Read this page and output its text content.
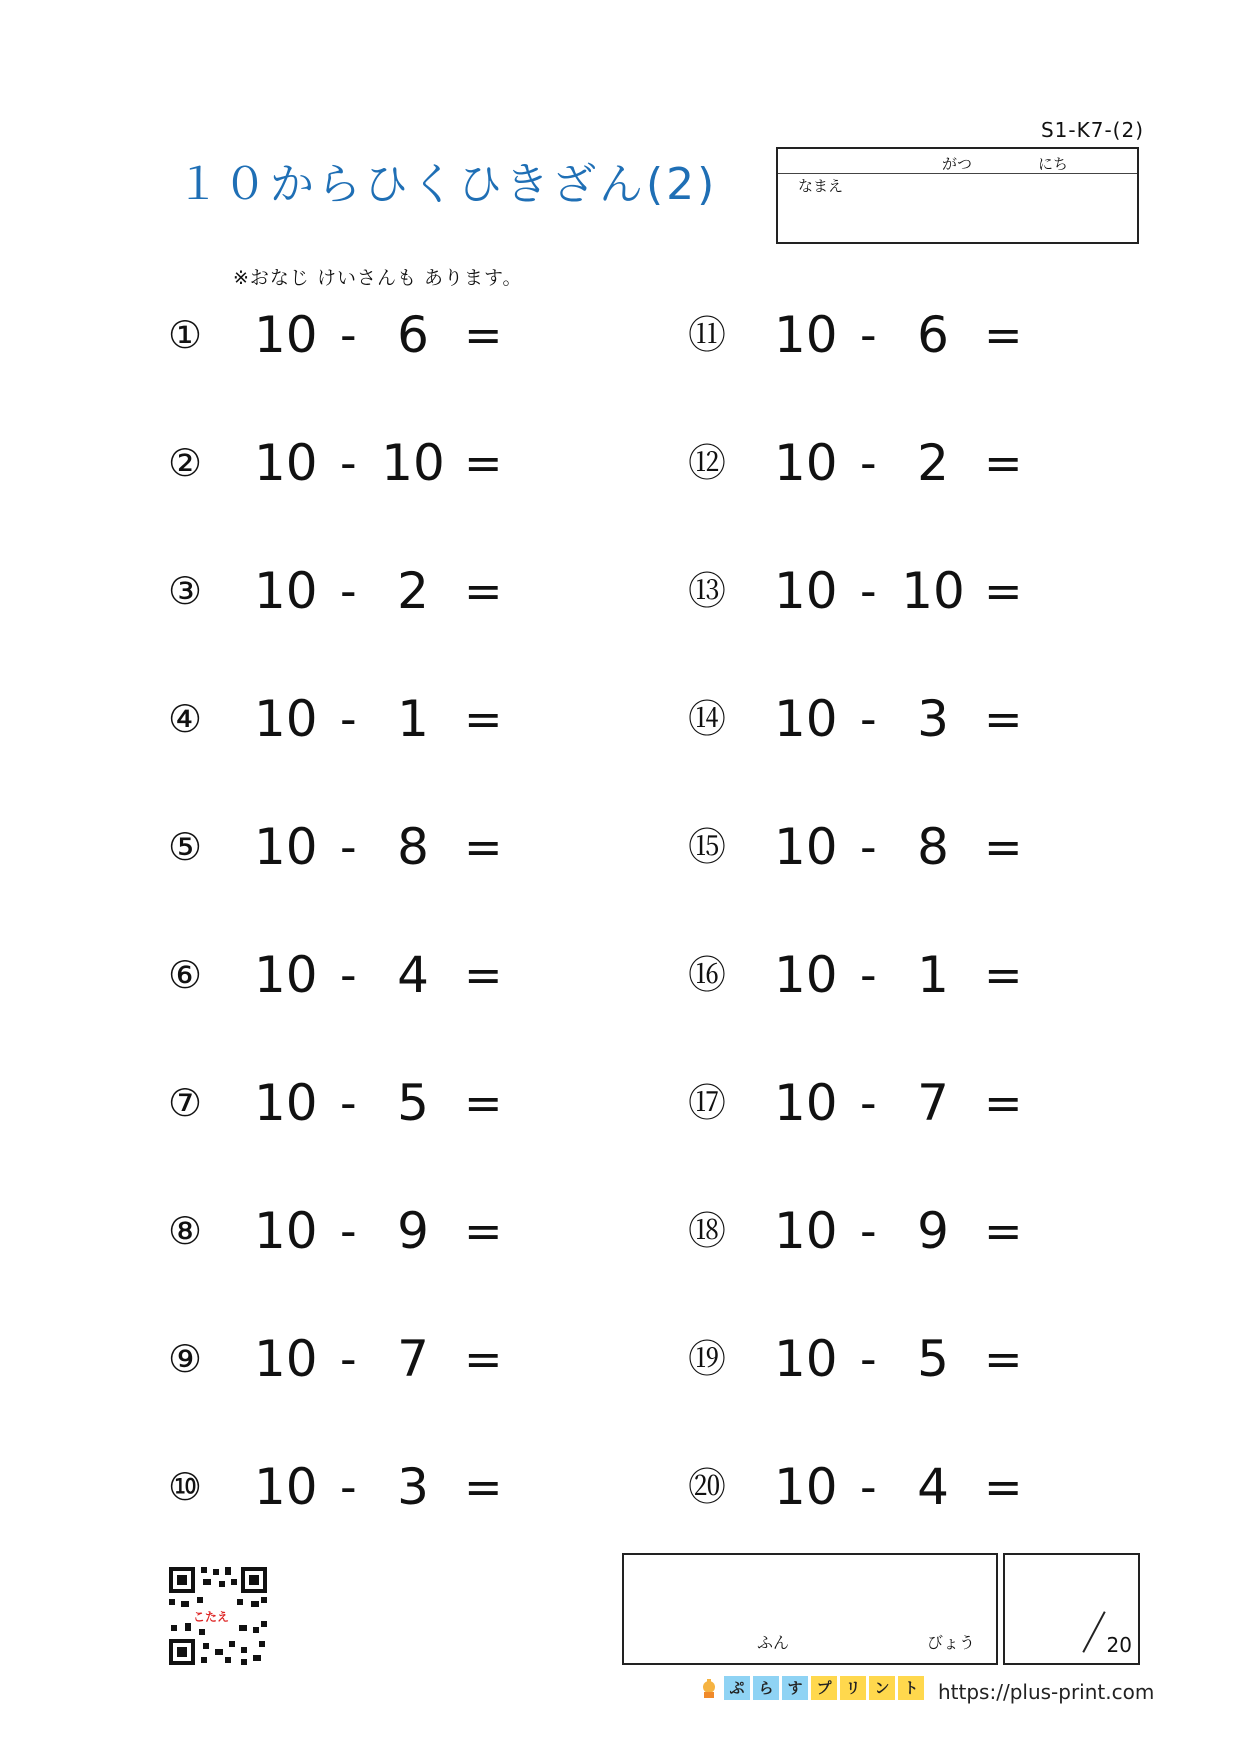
S1-K7-(2)
１０からひくひきざん(2)	がつ	にち
なまえ
※おなじ けいさんも あります。
① 10 - 6 =
② 10 - 10 =
③ 10 - 2 =
④ 10 - 1 =
⑤ 10 - 8 =
⑥ 10 - 4 =
⑦ 10 - 5 =
⑧ 10 - 9 =
⑨ 10 - 7 =
⑩ 10 - 3 =
⑪ 10 - 6 =
⑫ 10 - 2 =
⑬ 10 - 10 =
⑭ 10 - 3 =
⑮ 10 - 8 =
⑯ 10 - 1 =
⑰ 10 - 7 =
⑱ 10 - 9 =
⑲ 10 - 5 =
⑳ 10 - 4 =
こたえ
ふん	びょう	20
ぷ ら す プ リ ン ト https://plus-print.com
